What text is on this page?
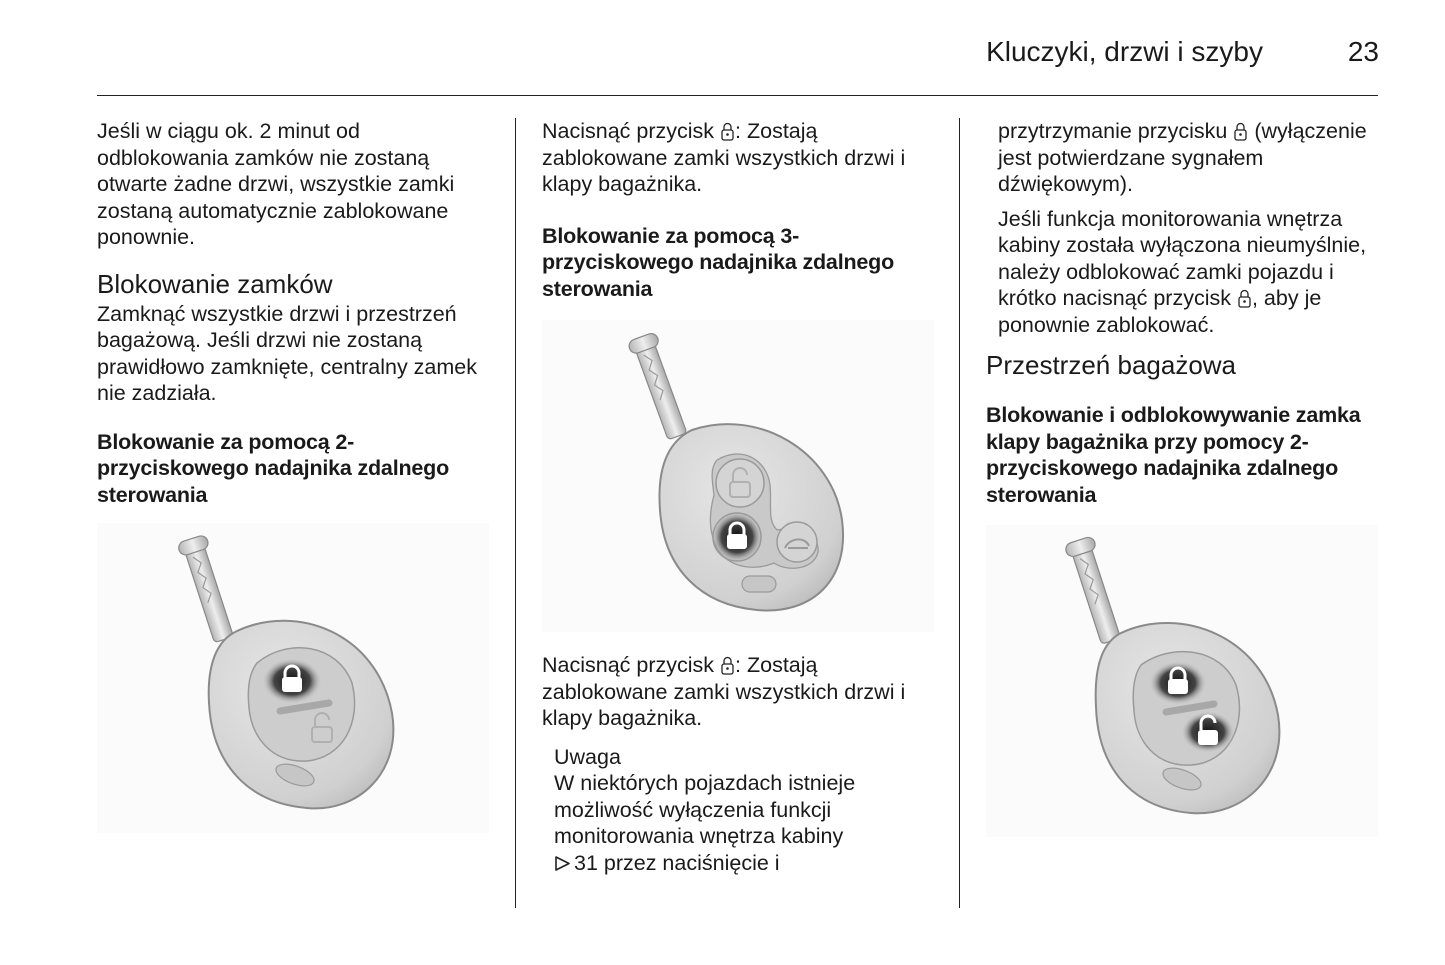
Kluczyki, drzwi i szyby	23

Jeśli w ciągu ok. 2 minut od odblokowania zamków nie zostaną otwarte żadne drzwi, wszystkie zamki zostaną automatycznie zablokowane ponownie.

Blokowanie zamków

Zamknąć wszystkie drzwi i przestrzeń bagażową. Jeśli drzwi nie zostaną prawidłowo zamknięte, centralny zamek nie zadziała.

Blokowanie za pomocą 2-przyciskowego nadajnika zdalnego sterowania

Nacisnąć przycisk : Zostają zablokowane zamki wszystkich drzwi i klapy bagażnika.

Blokowanie za pomocą 3-przyciskowego nadajnika zdalnego sterowania

Nacisnąć przycisk : Zostają zablokowane zamki wszystkich drzwi i klapy bagażnika.

Uwaga

W niektórych pojazdach istnieje możliwość wyłączenia funkcji monitorowania wnętrza kabiny

31 przez naciśnięcie i

przytrzymanie przycisku (wyłączenie jest potwierdzane sygnałem dźwiękowym).

Jeśli funkcja monitorowania wnętrza kabiny została wyłączona nieumyślnie, należy odblokować zamki pojazdu i krótko nacisnąć przycisk , aby je ponownie zablokować.

Przestrzeń bagażowa
Blokowanie i odblokowywanie zamka klapy bagażnika przy pomocy 2-przyciskowego nadajnika zdalnego sterowania
